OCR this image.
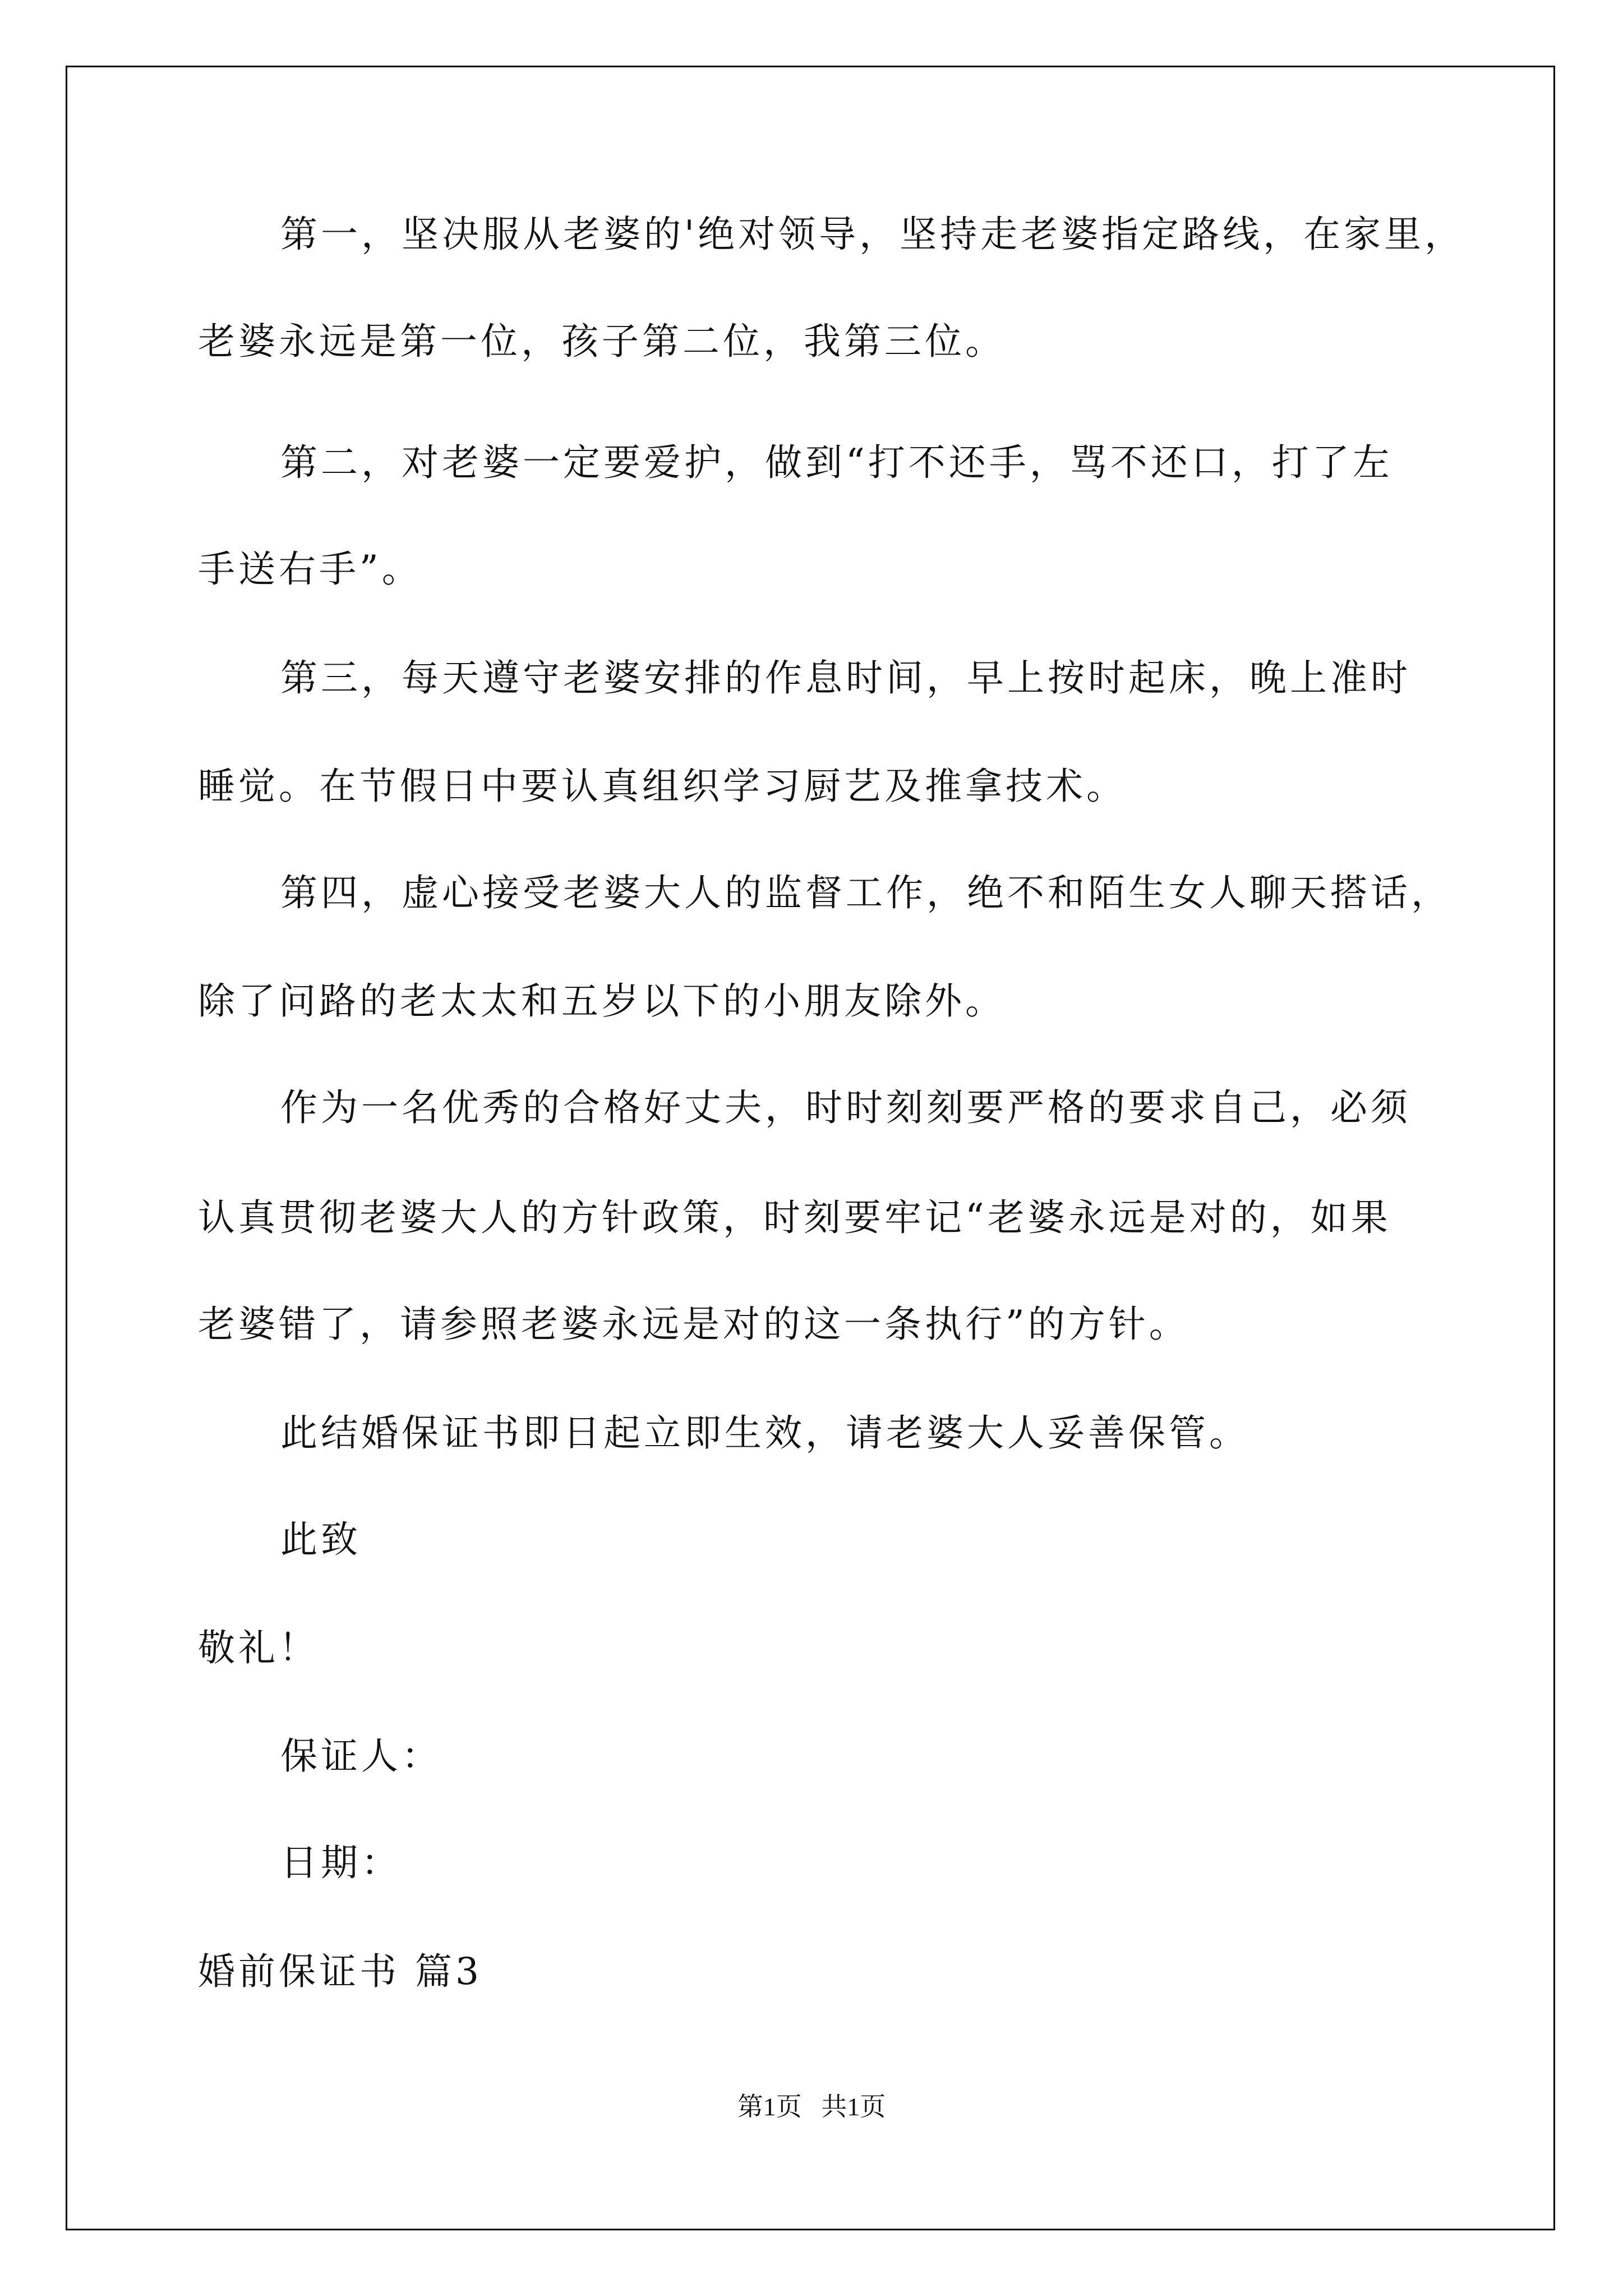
第一，坚决服从老婆的'绝对领导，坚持走老婆指定路线，在家里，
老婆永远是第一位，孩子第二位，我第三位。
第二，对老婆一定要爱护，做到“打不还手，骂不还口，打了左
手送右手”。
第三，每天遵守老婆安排的作息时间，早上按时起床，晚上准时
睡觉。在节假日中要认真组织学习厨艺及推拿技术。
第四，虚心接受老婆大人的监督工作，绝不和陌生女人聊天搭话，
除了问路的老太太和五岁以下的小朋友除外。
作为一名优秀的合格好丈夫，时时刻刻要严格的要求自己，必须
认真贯彻老婆大人的方针政策，时刻要牢记“老婆永远是对的，如果
老婆错了，请参照老婆永远是对的这一条执行”的方针。
此结婚保证书即日起立即生效，请老婆大人妥善保管。
此致
敬礼！
保证人：
日期：
婚前保证书 篇3
第1页   共1页
